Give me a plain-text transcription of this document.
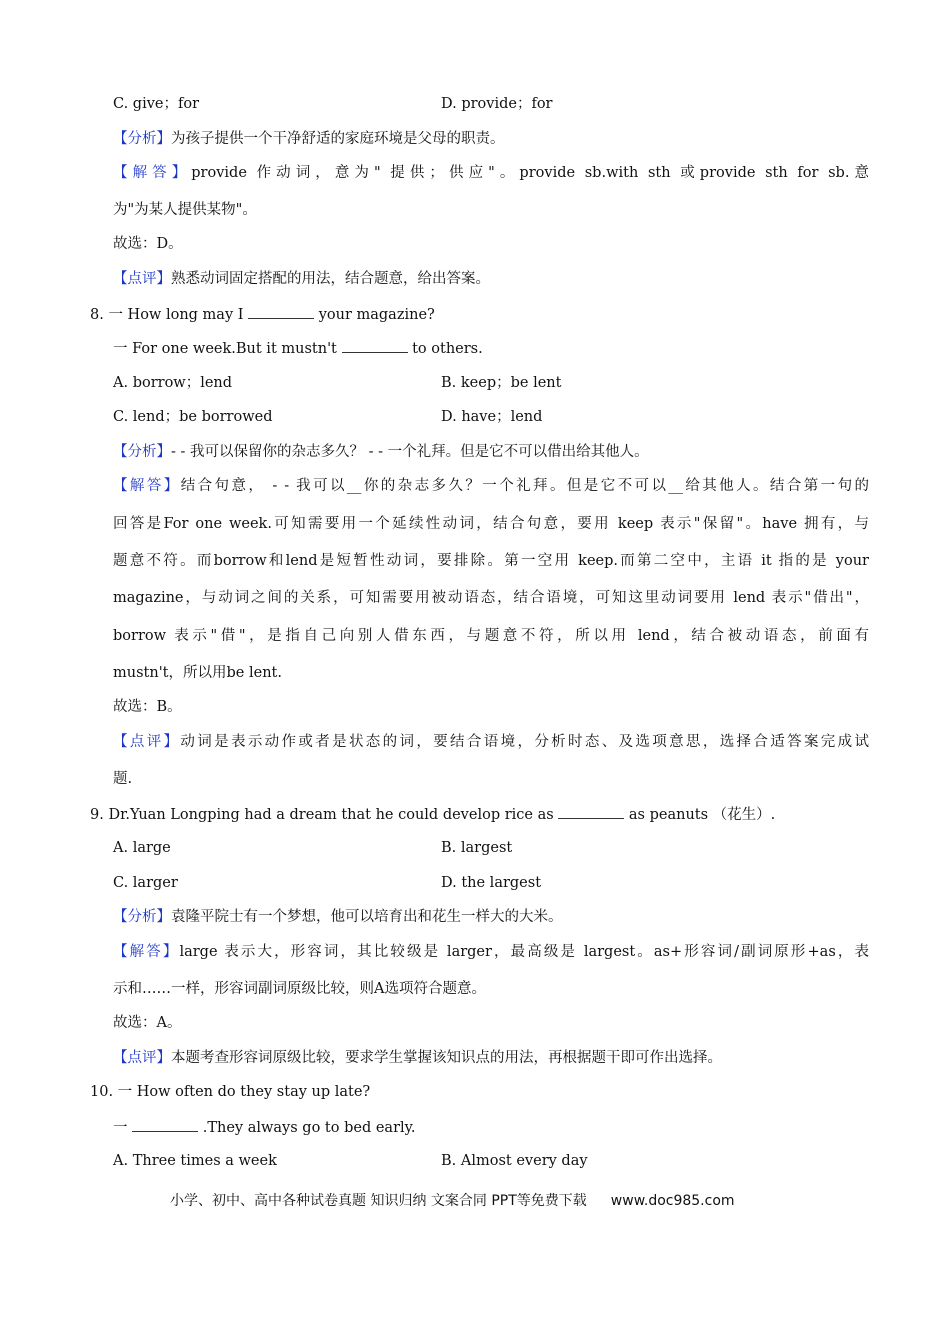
C. give；for	D. provide；for
【分析】为孩子提供一个干净舒适的家庭环境是父母的职责。
【解答】provide 作动词，意为" 提供；供应"。provide sb.with sth 或provide sth for sb.意
为"为某人提供某物"。
故选：D。
【点评】熟悉动词固定搭配的用法，结合题意，给出答案。
8. 一 How long may I	your magazine?
一 For one week.But it mustn't	to others.
A. borrow；lend	B. keep；be lent
C. lend；be borrowed	D. have；lend
【分析】- - 我可以保留你的杂志多久？ - - 一个礼拜。但是它不可以借出给其他人。
【解答】结合句意， - - 我可以__你的杂志多久？一个礼拜。但是它不可以__给其他人。结合第一句的
回答是For one week.可知需要用一个延续性动词，结合句意，要用 keep 表示"保留"。have 拥有，与
题意不符。而borrow和lend是短暂性动词，要排除。第一空用 keep.而第二空中，主语 it 指的是 your
magazine，与动词之间的关系，可知需要用被动语态，结合语境，可知这里动词要用 lend 表示"借出"，
borrow 表示"借"，是指自己向别人借东西，与题意不符，所以用 lend，结合被动语态，前面有
mustn't，所以用be lent.
故选：B。
【点评】动词是表示动作或者是状态的词，要结合语境，分析时态、及选项意思，选择合适答案完成试
题.
9. Dr.Yuan Longping had a dream that he could develop rice as	as peanuts （花生）.
A. large	B. largest
C. larger	D. the largest
【分析】袁隆平院士有一个梦想，他可以培育出和花生一样大的大米。
【解答】large 表示大，形容词，其比较级是 larger，最高级是 largest。as+形容词/副词原形+as，表
示和……一样，形容词副词原级比较，则A选项符合题意。
故选：A。
【点评】本题考查形容词原级比较，要求学生掌握该知识点的用法，再根据题干即可作出选择。
10. 一 How often do they stay up late?
一	.They always go to bed early.
A. Three times a week	B. Almost every day
小学、初中、高中各种试卷真题 知识归纳 文案合同 PPT等免费下载 www.doc985.com
